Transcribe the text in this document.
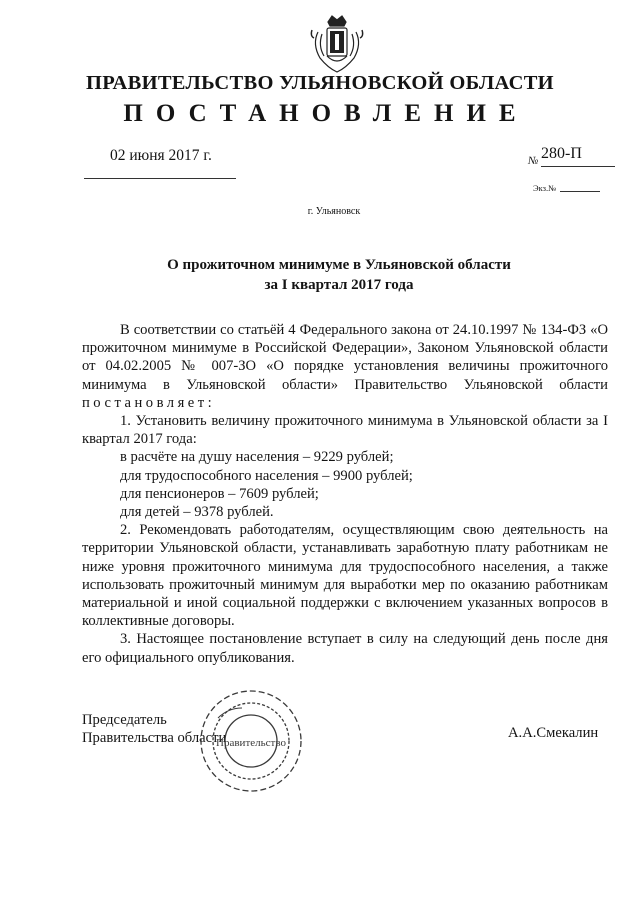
ПРАВИТЕЛЬСТВО УЛЬЯНОВСКОЙ ОБЛАСТИ
ПОСТАНОВЛЕНИЕ
02 июня 2017 г.	№ 280-П
Экз.№
г. Ульяновск
О прожиточном минимуме в Ульяновской области
за I квартал 2017 года

В соответствии со статьёй 4 Федерального закона от 24.10.1997 № 134-ФЗ «О прожиточном минимуме в Российской Федерации», Законом Ульяновской области от 04.02.2005 № 007-ЗО «О порядке установления величины прожиточного минимума в Ульяновской области» Правительство Ульяновской области постановляет:

1. Установить величину прожиточного минимума в Ульяновской области за I квартал 2017 года:

в расчёте на душу населения – 9229 рублей;

для трудоспособного населения – 9900 рублей;

для пенсионеров – 7609 рублей;

для детей – 9378 рублей.

2. Рекомендовать работодателям, осуществляющим свою деятельность на территории Ульяновской области, устанавливать заработную плату работникам не ниже уровня прожиточного минимума для трудоспособного населения, а также использовать прожиточный минимум для выработки мер по оказанию работникам материальной и иной социальной поддержки с включением указанных вопросов в коллективные договоры.

3. Настоящее постановление вступает в силу на следующий день после дня его официального опубликования.

Председатель
Правительства области	А.А.Смекалин
Правительство
